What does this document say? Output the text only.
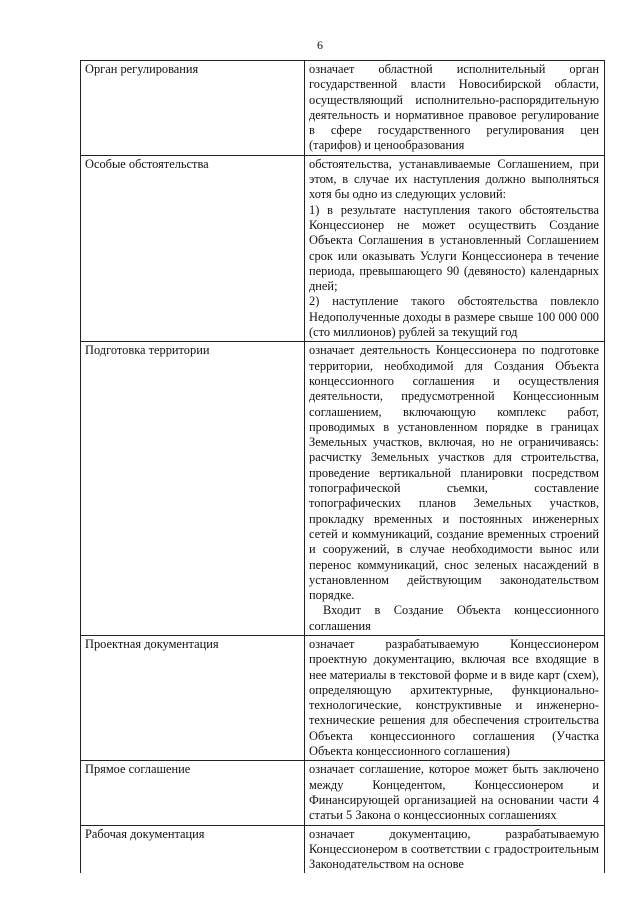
6
Орган регулирования	означает областной исполнительный орган государственной власти Новосибирской области, осуществляющий исполнительно-распорядительную деятельность и нормативное правовое регулирование в сфере государственного регулирования цен (тарифов) и ценообразования

Особые обстоятельства	обстоятельства, устанавливаемые Соглашением, при этом, в случае их наступления должно выполняться хотя бы одно из следующих условий:

1) в результате наступления такого обстоятельства Концессионер не может осуществить Создание Объекта Соглашения в установленный Соглашением срок или оказывать Услуги Концессионера в течение периода, превышающего 90 (девяносто) календарных дней;

2) наступление такого обстоятельства повлекло Недополученные доходы в размере свыше 100 000 000 (сто миллионов) рублей за текущий год

Подготовка территории	означает деятельность Концессионера по подготовке территории, необходимой для Создания Объекта концессионного соглашения и осуществления деятельности, предусмотренной Концессионным соглашением, включающую комплекс работ, проводимых в установленном порядке в границах Земельных участков, включая, но не ограничиваясь: расчистку Земельных участков для строительства, проведение вертикальной планировки посредством топографической съемки, составление топографических планов Земельных участков, прокладку временных и постоянных инженерных сетей и коммуникаций, создание временных строений и сооружений, в случае необходимости вынос или перенос коммуникаций, снос зеленых насаждений в установленном действующим законодательством порядке.

Входит в Создание Объекта концессионного соглашения

Проектная документация	означает разрабатываемую Концессионером проектную документацию, включая все входящие в нее материалы в текстовой форме и в виде карт (схем), определяющую архитектурные, функционально-технологические, конструктивные и инженерно-технические решения для обеспечения строительства Объекта концессионного соглашения (Участка Объекта концессионного соглашения)

Прямое соглашение	означает соглашение, которое может быть заключено между Концедентом, Концессионером и Финансирующей организацией на основании части 4 статьи 5 Закона о концессионных соглашениях

Рабочая документация	означает документацию, разрабатываемую Концессионером в соответствии с градостроительным Законодательством на основе
